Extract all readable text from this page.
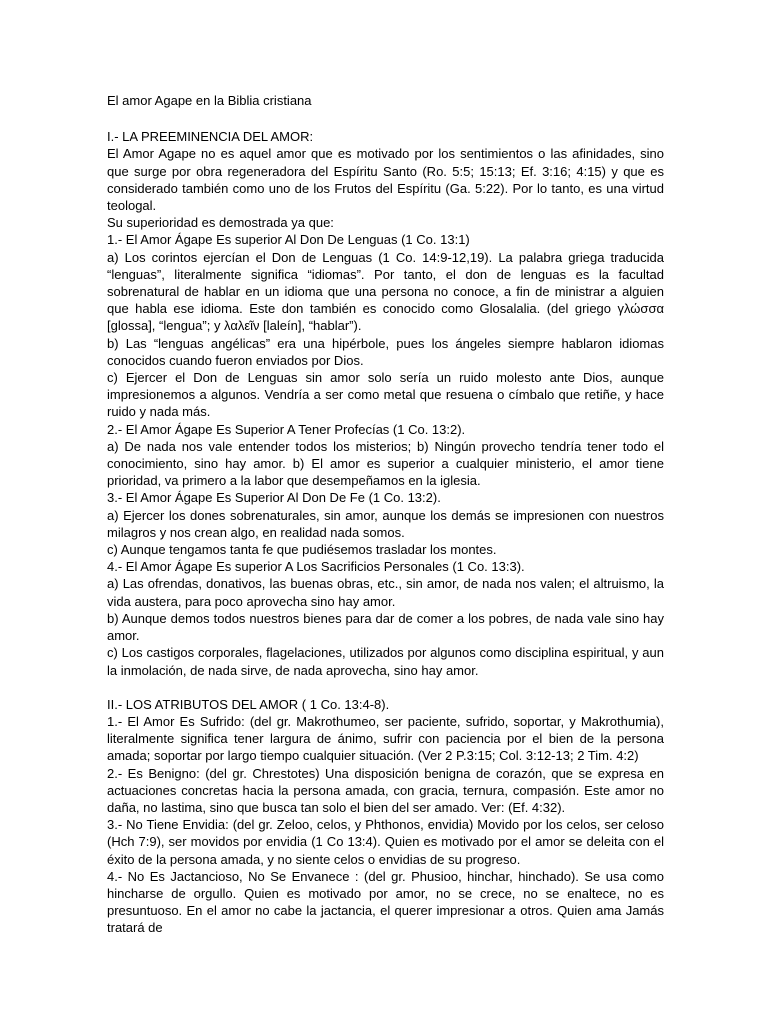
El amor Agape en la Biblia cristiana

I.- LA PREEMINENCIA DEL AMOR:

El Amor Agape no es aquel amor que es motivado por los sentimientos o las afinidades, sino que surge por obra regeneradora del Espíritu Santo (Ro. 5:5; 15:13; Ef. 3:16; 4:15) y que es considerado también como uno de los Frutos del Espíritu (Ga. 5:22). Por lo tanto, es una virtud teologal.

Su superioridad es demostrada ya que:

1.- El Amor Ágape Es superior Al Don De Lenguas (1 Co. 13:1)

a) Los corintos ejercían el Don de Lenguas (1 Co. 14:9-12,19). La palabra griega traducida “lenguas”, literalmente significa “idiomas”. Por tanto, el don de lenguas es la facultad sobrenatural de hablar en un idioma que una persona no conoce, a fin de ministrar a alguien que habla ese idioma. Este don también es conocido como Glosalalia. (del griego γλώσσα [glossa], “lengua”; y λαλεῖν [laleín], “hablar”).

b) Las “lenguas angélicas” era una hipérbole, pues los ángeles siempre hablaron idiomas conocidos cuando fueron enviados por Dios.

c) Ejercer el Don de Lenguas sin amor solo sería un ruido molesto ante Dios, aunque impresionemos a algunos. Vendría a ser como metal que resuena o címbalo que retiñe, y hace ruido y nada más.

2.- El Amor Ágape Es Superior A Tener Profecías (1 Co. 13:2).

a) De nada nos vale entender todos los misterios; b) Ningún provecho tendría tener todo el conocimiento, sino hay amor. b) El amor es superior a cualquier ministerio, el amor tiene prioridad, va primero a la labor que desempeñamos en la iglesia.

3.- El Amor Ágape Es Superior Al Don De Fe (1 Co. 13:2).

a) Ejercer los dones sobrenaturales, sin amor, aunque los demás se impresionen con nuestros milagros y nos crean algo, en realidad nada somos.

c) Aunque tengamos tanta fe que pudiésemos trasladar los montes.

4.- El Amor Ágape Es superior A Los Sacrificios Personales (1 Co. 13:3).

a) Las ofrendas, donativos, las buenas obras, etc., sin amor, de nada nos valen; el altruismo, la vida austera, para poco aprovecha sino hay amor.

b) Aunque demos todos nuestros bienes para dar de comer a los pobres, de nada vale sino hay amor.

c) Los castigos corporales, flagelaciones, utilizados por algunos como disciplina espiritual, y aun la inmolación, de nada sirve, de nada aprovecha, sino hay amor.

II.- LOS ATRIBUTOS DEL AMOR ( 1 Co. 13:4-8).

1.- El Amor Es Sufrido: (del gr. Makrothumeo, ser paciente, sufrido, soportar, y Makrothumia), literalmente significa tener largura de ánimo, sufrir con paciencia por el bien de la persona amada; soportar por largo tiempo cualquier situación. (Ver 2 P.3:15; Col. 3:12-13; 2 Tim. 4:2)

2.- Es Benigno: (del gr. Chrestotes) Una disposición benigna de corazón, que se expresa en actuaciones concretas hacia la persona amada, con gracia, ternura, compasión. Este amor no daña, no lastima, sino que busca tan solo el bien del ser amado. Ver: (Ef. 4:32).

3.- No Tiene Envidia: (del gr. Zeloo, celos, y Phthonos, envidia) Movido por los celos, ser celoso (Hch 7:9), ser movidos por envidia (1 Co 13:4). Quien es motivado por el amor se deleita con el éxito de la persona amada, y no siente celos o envidias de su progreso.

4.- No Es Jactancioso, No Se Envanece : (del gr. Phusioo, hinchar, hinchado). Se usa como hincharse de orgullo. Quien es motivado por amor, no se crece, no se enaltece, no es presuntuoso. En el amor no cabe la jactancia, el querer impresionar a otros. Quien ama Jamás tratará de
